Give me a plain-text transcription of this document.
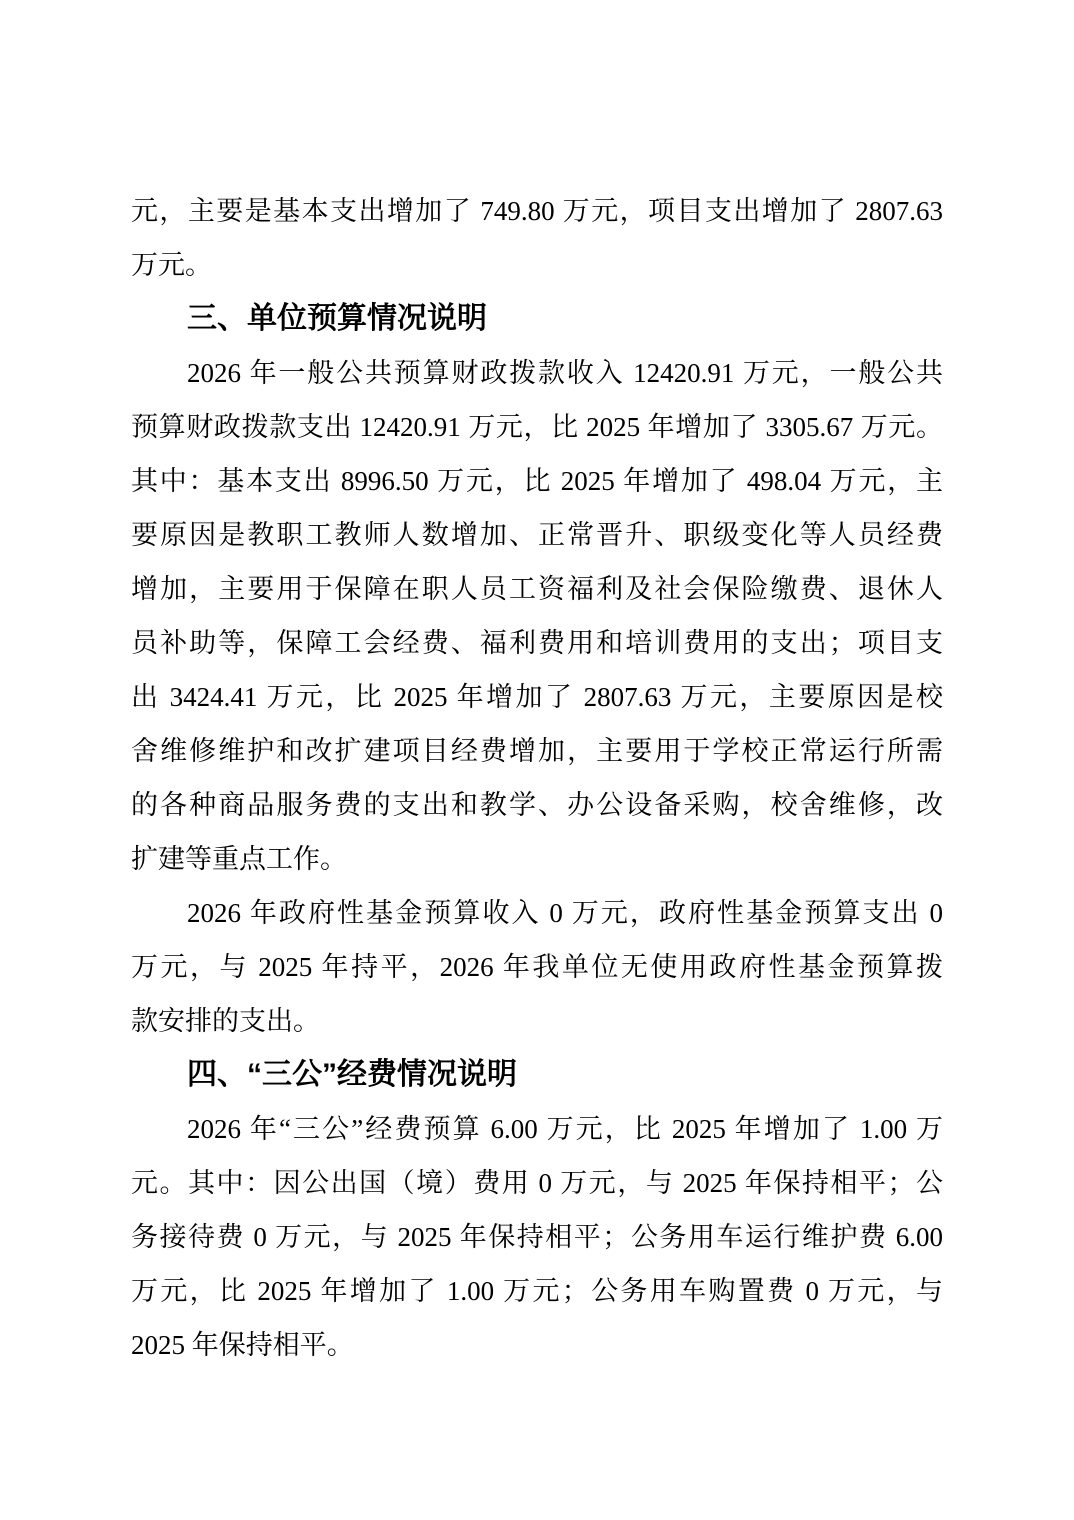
元，主要是基本支出增加了 749.80 万元，项目支出增加了 2807.63
万元。
三、单位预算情况说明
2026 年一般公共预算财政拨款收入 12420.91 万元，一般公共
预算财政拨款支出 12420.91 万元，比 2025 年增加了 3305.67 万元。
其中：基本支出 8996.50 万元，比 2025 年增加了 498.04 万元，主
要原因是教职工教师人数增加、正常晋升、职级变化等人员经费
增加，主要用于保障在职人员工资福利及社会保险缴费、退休人
员补助等，保障工会经费、福利费用和培训费用的支出；项目支
出 3424.41 万元，比 2025 年增加了 2807.63 万元，主要原因是校
舍维修维护和改扩建项目经费增加，主要用于学校正常运行所需
的各种商品服务费的支出和教学、办公设备采购，校舍维修，改
扩建等重点工作。
2026 年政府性基金预算收入 0 万元，政府性基金预算支出 0
万元，与 2025 年持平，2026 年我单位无使用政府性基金预算拨
款安排的支出。
四、“三公”经费情况说明
2026 年“三公”经费预算 6.00 万元，比 2025 年增加了 1.00 万
元。其中：因公出国（境）费用 0 万元，与 2025 年保持相平；公
务接待费 0 万元，与 2025 年保持相平；公务用车运行维护费 6.00
万元，比 2025 年增加了 1.00 万元；公务用车购置费 0 万元，与
2025 年保持相平。
